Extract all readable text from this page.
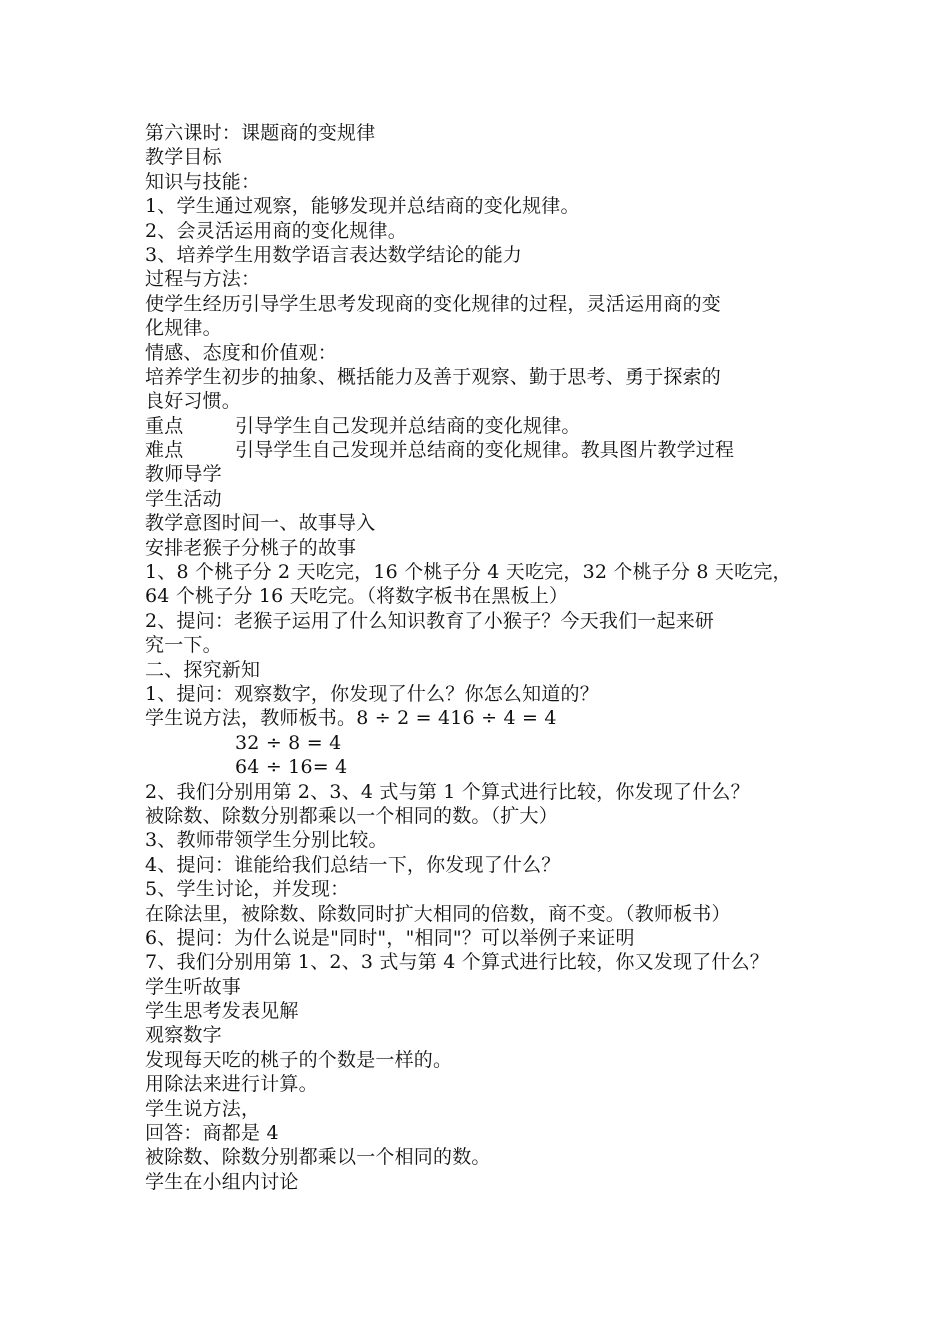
第六课时：课题商的变规律
教学目标
知识与技能：
1、学生通过观察，能够发现并总结商的变化规律。
2、会灵活运用商的变化规律。
3、培养学生用数学语言表达数学结论的能力
过程与方法：
使学生经历引导学生思考发现商的变化规律的过程，灵活运用商的变
化规律。
情感、态度和价值观：
培养学生初步的抽象、概括能力及善于观察、勤于思考、勇于探索的
良好习惯。
重点	引导学生自己发现并总结商的变化规律。
难点	引导学生自己发现并总结商的变化规律。教具图片教学过程
教师导学
学生活动
教学意图时间一、故事导入
安排老猴子分桃子的故事
1、8 个桃子分 2 天吃完，16 个桃子分 4 天吃完，32 个桃子分 8 天吃完，
64 个桃子分 16 天吃完。（将数字板书在黑板上）
2、提问：老猴子运用了什么知识教育了小猴子？今天我们一起来研
究一下。
二、探究新知
1、提问：观察数字，你发现了什么？你怎么知道的？
学生说方法，教师板书。8 ÷ 2 = 416 ÷ 4 = 4
32 ÷ 8 = 4
64 ÷ 16= 4
2、我们分别用第 2、3、4 式与第 1 个算式进行比较，你发现了什么？
被除数、除数分别都乘以一个相同的数。（扩大）
3、教师带领学生分别比较。
4、提问：谁能给我们总结一下，你发现了什么？
5、学生讨论，并发现：
在除法里，被除数、除数同时扩大相同的倍数，商不变。（教师板书）
6、提问：为什么说是"同时"，"相同"？可以举例子来证明
7、我们分别用第 1、2、3 式与第 4 个算式进行比较，你又发现了什么？
学生听故事
学生思考发表见解
观察数字
发现每天吃的桃子的个数是一样的。
用除法来进行计算。
学生说方法，
回答：商都是 4
被除数、除数分别都乘以一个相同的数。
学生在小组内讨论
